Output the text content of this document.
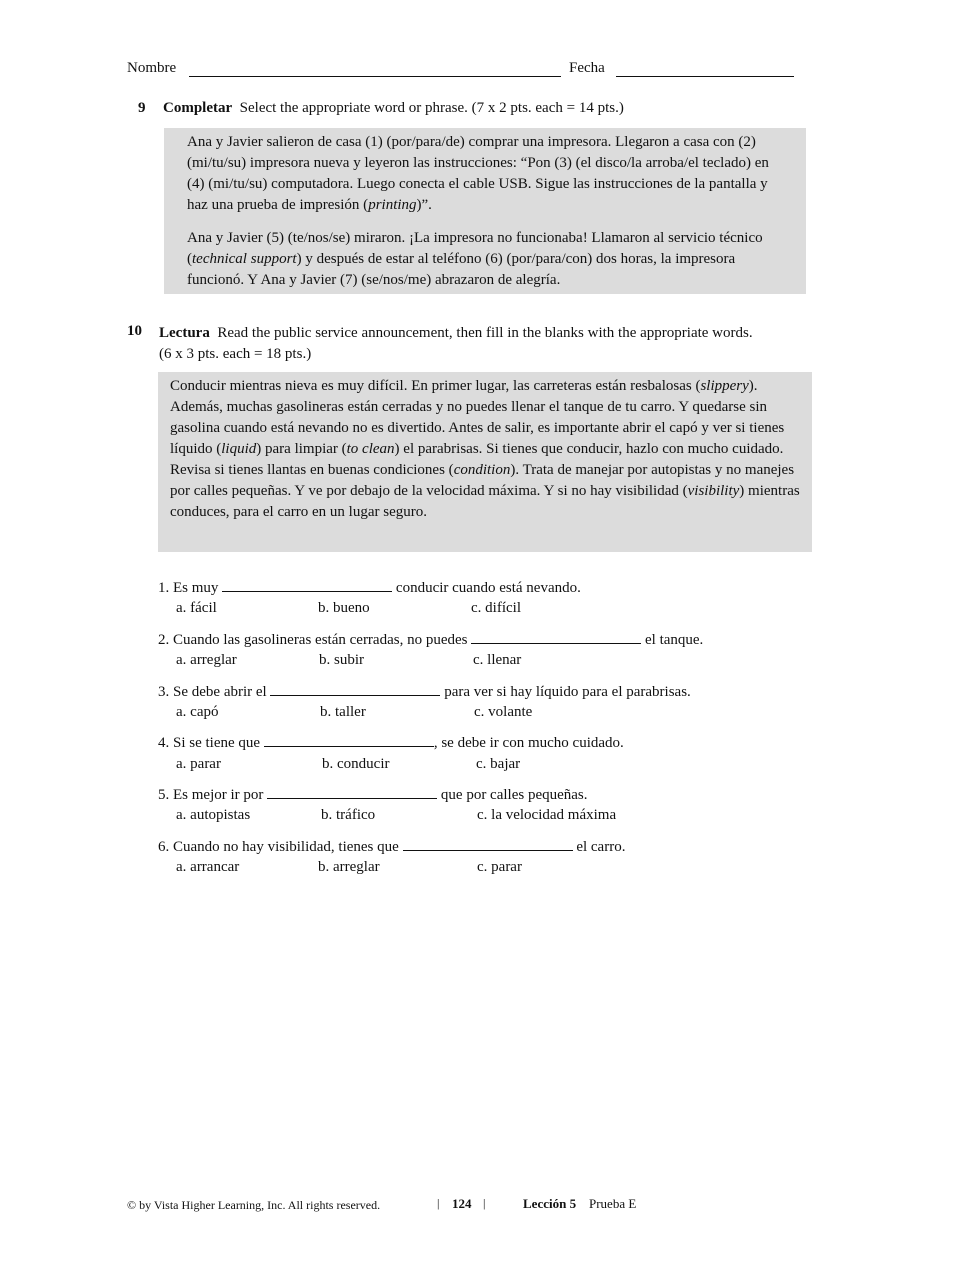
Nombre	Fecha
9 Completar Select the appropriate word or phrase. (7 x 2 pts. each = 14 pts.)

Ana y Javier salieron de casa (1) (por/para/de) comprar una impresora. Llegaron a casa con (2) (mi/tu/su) impresora nueva y leyeron las instrucciones: “Pon (3) (el disco/la arroba/el teclado) en (4) (mi/tu/su) computadora. Luego conecta el cable USB. Sigue las instrucciones de la pantalla y haz una prueba de impresión (printing)”.

Ana y Javier (5) (te/nos/se) miraron. ¡La impresora no funcionaba! Llamaron al servicio técnico (technical support) y después de estar al teléfono (6) (por/para/con) dos horas, la impresora funcionó. Y Ana y Javier (7) (se/nos/me) abrazaron de alegría.

10 Lectura Read the public service announcement, then fill in the blanks with the appropriate words.
(6 x 3 pts. each = 18 pts.)

Conducir mientras nieva es muy difícil. En primer lugar, las carreteras están resbalosas (slippery). Además, muchas gasolineras están cerradas y no puedes llenar el tanque de tu carro. Y quedarse sin gasolina cuando está nevando no es divertido. Antes de salir, es importante abrir el capó y ver si tienes líquido (liquid) para limpiar (to clean) el parabrisas. Si tienes que conducir, hazlo con mucho cuidado. Revisa si tienes llantas en buenas condiciones (condition). Trata de manejar por autopistas y no manejes por calles pequeñas. Y ve por debajo de la velocidad máxima. Y si no hay visibilidad (visibility) mientras conduces, para el carro en un lugar seguro.

1. Es muy	conducir cuando está nevando.
a. fácil	b. bueno	c. difícil
2. Cuando las gasolineras están cerradas, no puedes	el tanque.
a. arreglar	b. subir	c. llenar
3. Se debe abrir el	para ver si hay líquido para el parabrisas.
a. capó	b. taller	c. volante
4. Si se tiene que	, se debe ir con mucho cuidado.
a. parar	b. conducir	c. bajar
5. Es mejor ir por	que por calles pequeñas.
a. autopistas	b. tráfico	c. la velocidad máxima
6. Cuando no hay visibilidad, tienes que	el carro.
a. arrancar	b. arreglar	c. parar
© by Vista Higher Learning, Inc. All rights reserved.	| 124 |	Lección 5 Prueba E
